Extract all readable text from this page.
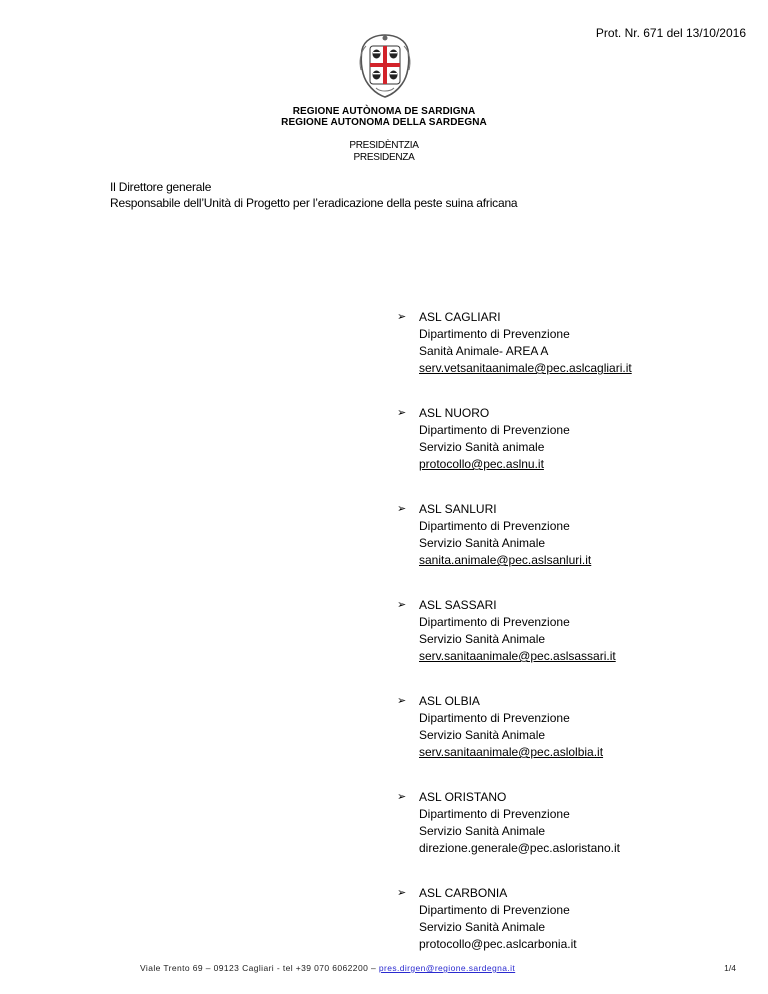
Prot. Nr. 671 del 13/10/2016
REGIONE AUTÒNOMA DE SARDIGNA
REGIONE AUTONOMA DELLA SARDEGNA
PRESIDÈNTZIA
PRESIDENZA
Il Direttore generale
Responsabile dell’Unità di Progetto per l’eradicazione della peste suina africana
➢	ASL CAGLIARI
Dipartimento di Prevenzione
Sanità Animale- AREA A
serv.vetsanitaanimale@pec.aslcagliari.it
➢	ASL NUORO
Dipartimento di Prevenzione
Servizio Sanità animale
protocollo@pec.aslnu.it
➢	ASL SANLURI
Dipartimento di Prevenzione
Servizio Sanità Animale
sanita.animale@pec.aslsanluri.it
➢	ASL SASSARI
Dipartimento di Prevenzione
Servizio Sanità Animale
serv.sanitaanimale@pec.aslsassari.it
➢	ASL OLBIA
Dipartimento di Prevenzione
Servizio Sanità Animale
serv.sanitaanimale@pec.aslolbia.it
➢	ASL ORISTANO
Dipartimento di Prevenzione
Servizio Sanità Animale
direzione.generale@pec.asloristano.it
➢	ASL CARBONIA
Dipartimento di Prevenzione
Servizio Sanità Animale
protocollo@pec.aslcarbonia.it
Viale Trento 69 – 09123 Cagliari - tel +39 070 6062200 – pres.dirgen@regione.sardegna.it	1/4
